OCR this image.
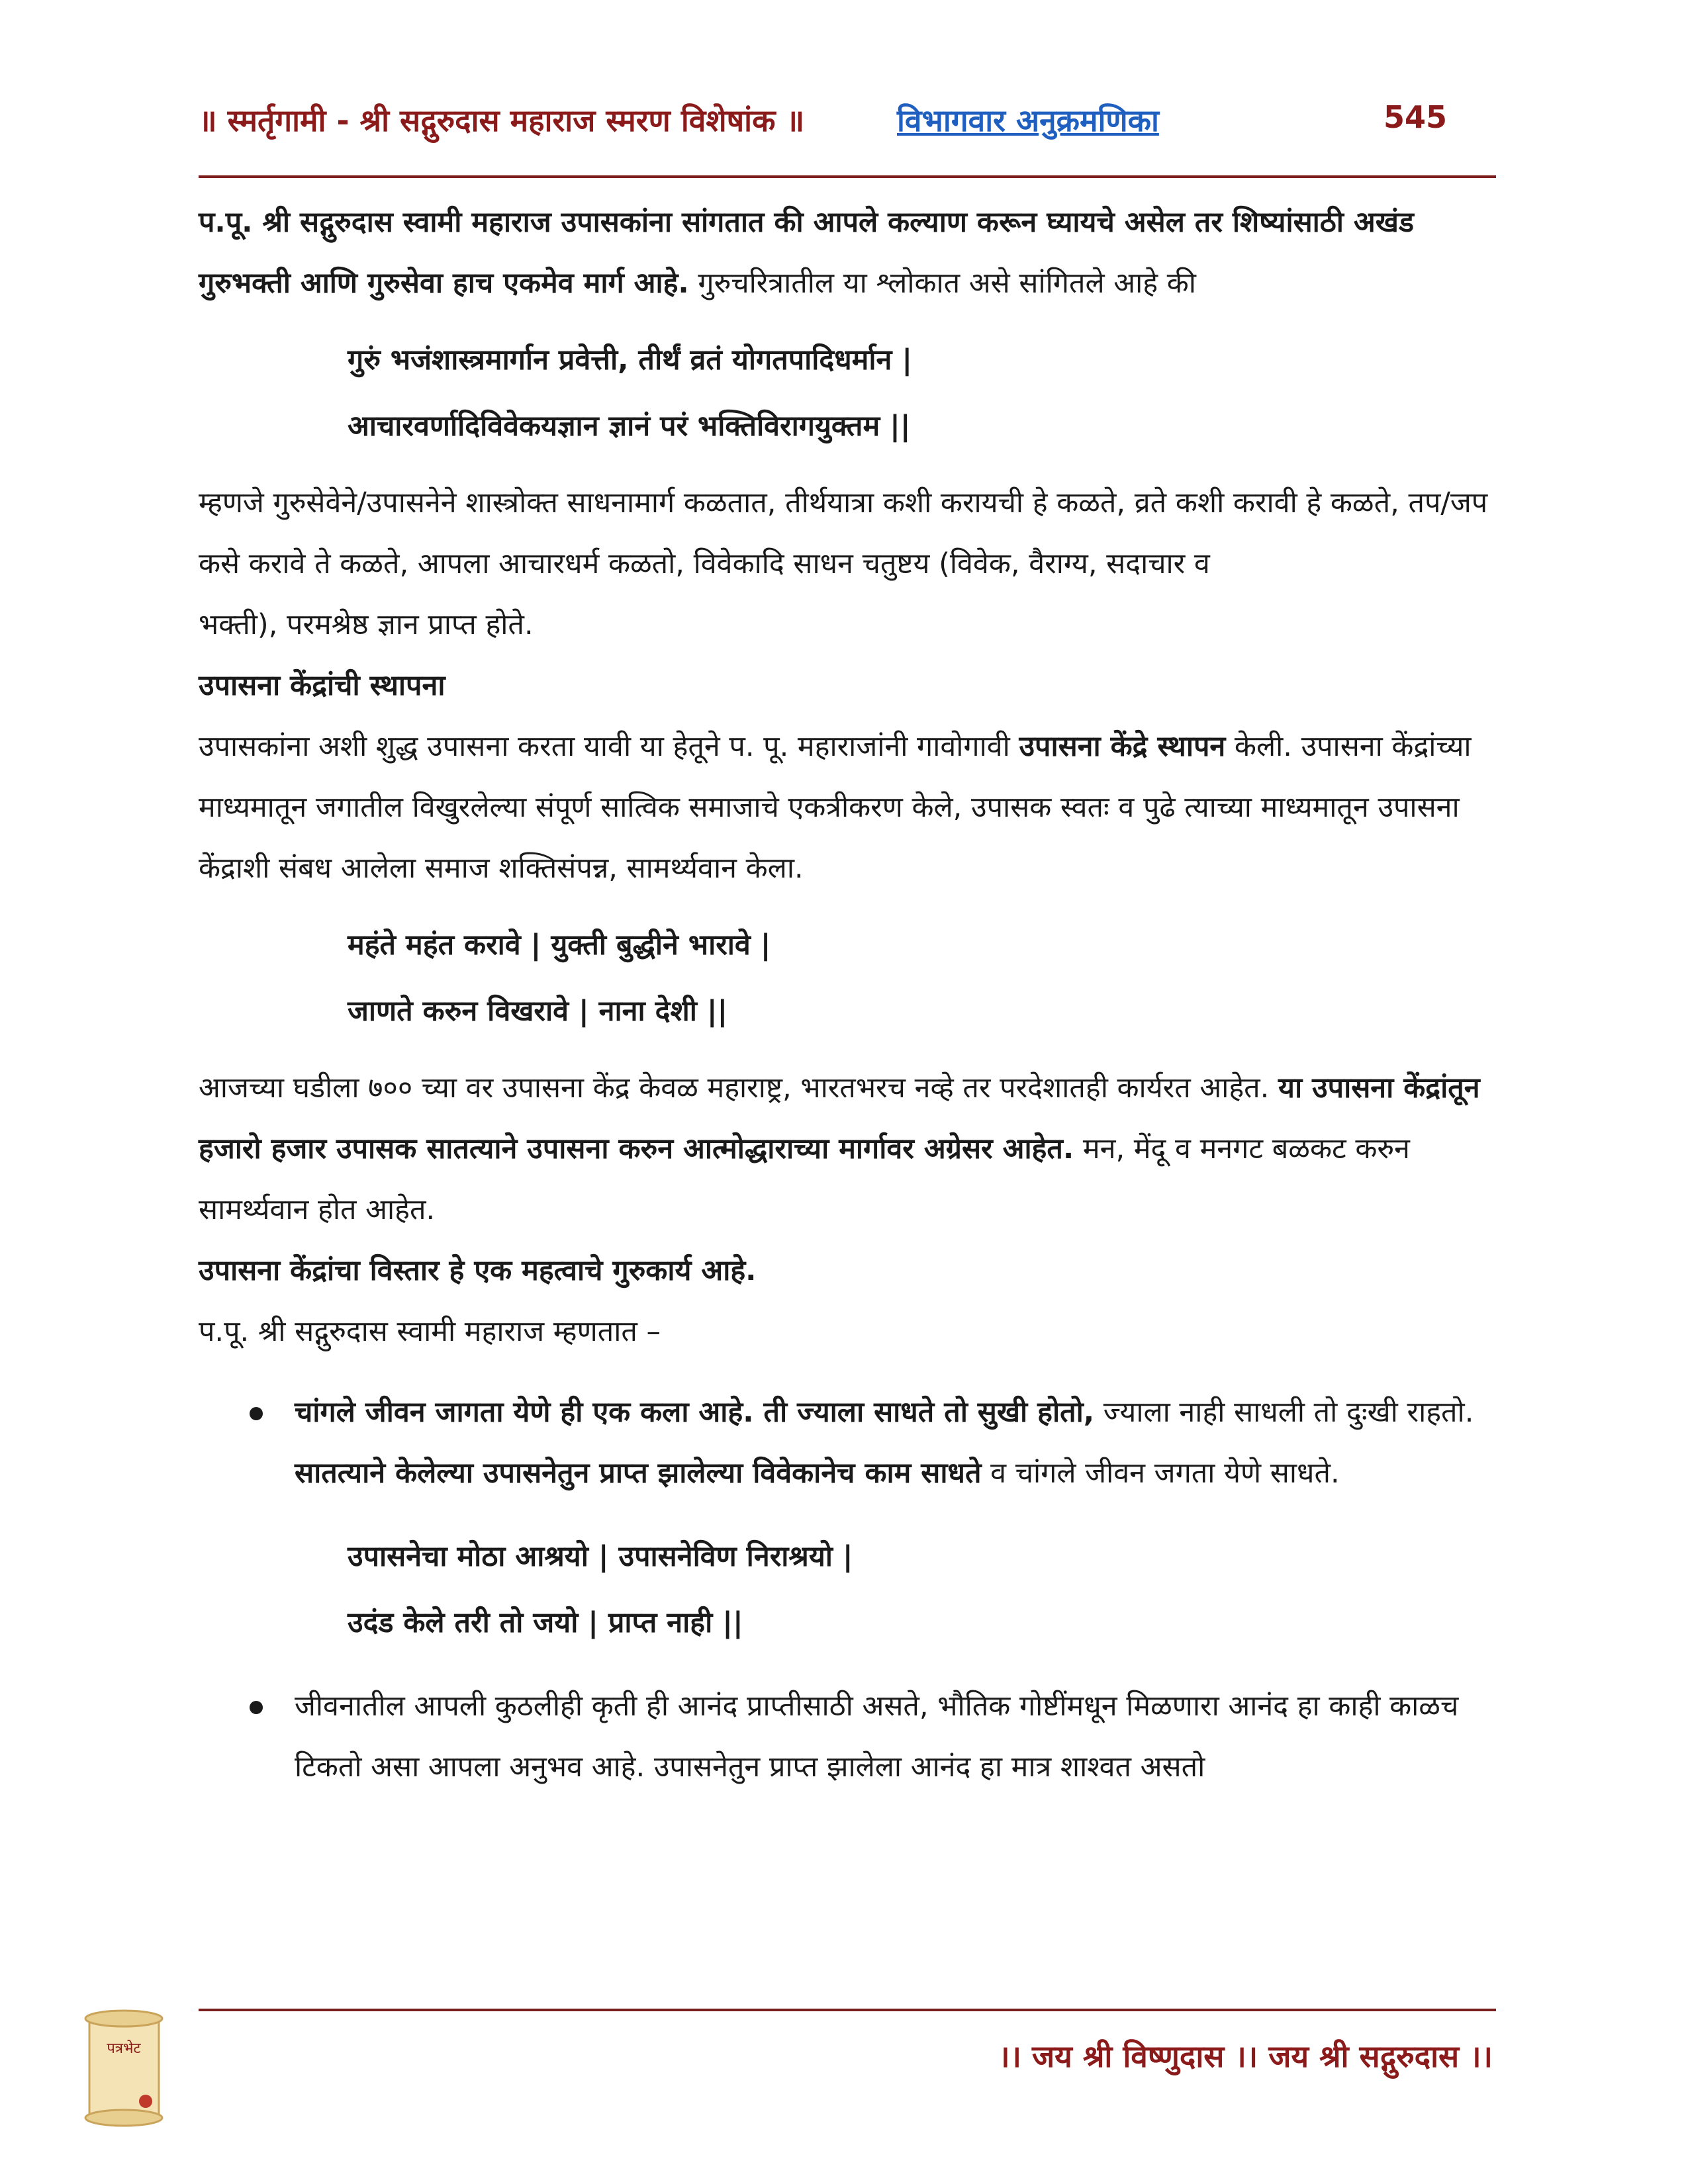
॥ स्मर्तृगामी - श्री सद्गुरुदास महाराज स्मरण विशेषांक ॥	विभागवार अनुक्रमणिका	545

प.पू. श्री सद्गुरुदास स्वामी महाराज उपासकांना सांगतात की आपले कल्याण करून घ्यायचे असेल तर शिष्यांसाठी अखंड गुरुभक्ती आणि गुरुसेवा हाच एकमेव मार्ग आहे. गुरुचरित्रातील या श्लोकात असे सांगितले आहे की

गुरुं भजंशास्त्रमार्गान प्रवेत्ती, तीर्थं व्रतं योगतपादिधर्मान |
आचारवर्णादिविवेकयज्ञान ज्ञानं परं भक्तिविरागयुक्तम ||

म्हणजे गुरुसेवेने/उपासनेने शास्त्रोक्त साधनामार्ग कळतात, तीर्थयात्रा कशी करायची हे कळते, व्रते कशी करावी हे कळते, तप/जप कसे करावे ते कळते, आपला आचारधर्म कळतो, विवेकादि साधन चतुष्टय (विवेक, वैराग्य, सदाचार व

भक्ती), परमश्रेष्ठ ज्ञान प्राप्त होते.

उपासना केंद्रांची स्थापना

उपासकांना अशी शुद्ध उपासना करता यावी या हेतूने प. पू. महाराजांनी गावोगावी उपासना केंद्रे स्थापन केली. उपासना केंद्रांच्या माध्यमातून जगातील विखुरलेल्या संपूर्ण सात्विक समाजाचे एकत्रीकरण केले, उपासक स्वतः व पुढे त्याच्या माध्यमातून उपासना केंद्राशी संबध आलेला समाज शक्तिसंपन्न, सामर्थ्यवान केला.

महंते महंत करावे | युक्ती बुद्धीने भारावे |
जाणते करुन विखरावे | नाना देशी ||

आजच्या घडीला ७०० च्या वर उपासना केंद्र केवळ महाराष्ट्र, भारतभरच नव्हे तर परदेशातही कार्यरत आहेत. या उपासना केंद्रांतून हजारो हजार उपासक सातत्याने उपासना करुन आत्मोद्धाराच्या मार्गावर अग्रेसर आहेत. मन, मेंदू व मनगट बळकट करुन सामर्थ्यवान होत आहेत.

उपासना केंद्रांचा विस्तार हे एक महत्वाचे गुरुकार्य आहे.

प.पू. श्री सद्गुरुदास स्वामी महाराज म्हणतात –

चांगले जीवन जागता येणे ही एक कला आहे. ती ज्याला साधते तो सुखी होतो, ज्याला नाही साधली तो दुःखी राहतो. सातत्याने केलेल्या उपासनेतुन प्राप्त झालेल्या विवेकानेच काम साधते व चांगले जीवन जगता येणे साधते.
उपासनेचा मोठा आश्रयो | उपासनेविण निराश्रयो |
उदंड केले तरी तो जयो | प्राप्त नाही ||
जीवनातील आपली कुठलीही कृती ही आनंद प्राप्तीसाठी असते, भौतिक गोष्टींमधून मिळणारा आनंद हा काही काळच टिकतो असा आपला अनुभव आहे. उपासनेतुन प्राप्त झालेला आनंद हा मात्र शाश्वत असतो
।। जय श्री विष्णुदास ।। जय श्री सद्गुरुदास ।।
पत्रभेट
